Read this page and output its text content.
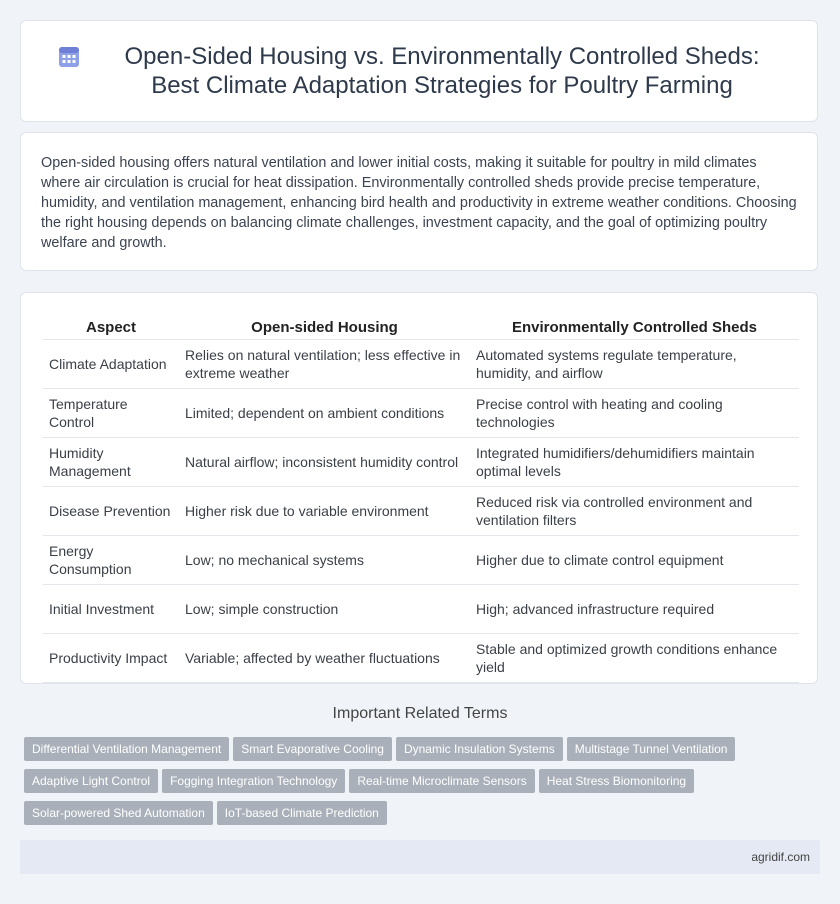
Open-Sided Housing vs. Environmentally Controlled Sheds: Best Climate Adaptation Strategies for Poultry Farming

Open-sided housing offers natural ventilation and lower initial costs, making it suitable for poultry in mild climates where air circulation is crucial for heat dissipation. Environmentally controlled sheds provide precise temperature, humidity, and ventilation management, enhancing bird health and productivity in extreme weather conditions. Choosing the right housing depends on balancing climate challenges, investment capacity, and the goal of optimizing poultry welfare and growth.

Aspect	Open-sided Housing	Environmentally Controlled Sheds
Climate Adaptation	Relies on natural ventilation; less effective in extreme weather	Automated systems regulate temperature, humidity, and airflow
Temperature Control	Limited; dependent on ambient conditions	Precise control with heating and cooling technologies
Humidity Management	Natural airflow; inconsistent humidity control	Integrated humidifiers/dehumidifiers maintain optimal levels
Disease Prevention	Higher risk due to variable environment	Reduced risk via controlled environment and ventilation filters
Energy Consumption	Low; no mechanical systems	Higher due to climate control equipment
Initial Investment	Low; simple construction	High; advanced infrastructure required
Productivity Impact	Variable; affected by weather fluctuations	Stable and optimized growth conditions enhance yield
Important Related Terms
Differential Ventilation Management Smart Evaporative Cooling Dynamic Insulation Systems Multistage Tunnel Ventilation
Adaptive Light Control Fogging Integration Technology Real-time Microclimate Sensors Heat Stress Biomonitoring
Solar-powered Shed Automation IoT-based Climate Prediction
agridif.com
